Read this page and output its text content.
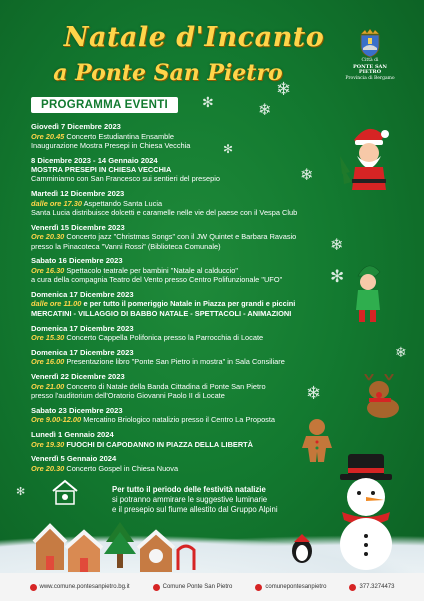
✻	❄
❄
❄
❄
✻
❄
❄
✻
✻
Natale d'Incanto
a Ponte San Pietro	Città di
PONTE SAN PIETRO
Provincia di Bergamo
PROGRAMMA EVENTI
Giovedì 7 Dicembre 2023
Ore 20.45 Concerto Estudiantina Ensamble
Inaugurazione Mostra Presepi in Chiesa Vecchia
8 Dicembre 2023 - 14 Gennaio 2024
MOSTRA PRESEPI IN CHIESA VECCHIA
Camminiamo con San Francesco sui sentieri del presepio
Martedì 12 Dicembre 2023
dalle ore 17.30 Aspettando Santa Lucia
Santa Lucia distribuisce dolcetti e caramelle nelle vie del paese con il Vespa Club
Venerdì 15 Dicembre 2023
Ore 20.30 Concerto jazz "Christmas Songs" con il JW Quintet e Barbara Ravasio
presso la Pinacoteca "Vanni Rossi" (Biblioteca Comunale)
Sabato 16 Dicembre 2023
Ore 16.30 Spettacolo teatrale per bambini "Natale al calduccio"
a cura della compagnia Teatro del Vento presso Centro Polifunzionale "UFO"
Domenica 17 Dicembre 2023
dalle ore 11.00 e per tutto il pomeriggio Natale in Piazza per grandi e piccini
MERCATINI - VILLAGGIO DI BABBO NATALE - SPETTACOLI - ANIMAZIONI
Domenica 17 Dicembre 2023
Ore 15.30 Concerto Cappella Polifonica presso la Parrocchia di Locate
Domenica 17 Dicembre 2023
Ore 16.00 Presentazione libro "Ponte San Pietro in mostra" in Sala Consiliare
Venerdì 22 Dicembre 2023
Ore 21.00 Concerto di Natale della Banda Cittadina di Ponte San Pietro
presso l'auditorium dell'Oratorio Giovanni Paolo II di Locate
Sabato 23 Dicembre 2023
Ore 9.00-12.00 Mercatino Briologico natalizio presso il Centro La Proposta
Lunedì 1 Gennaio 2024
Ore 19.30 FUOCHI DI CAPODANNO IN PIAZZA DELLA LIBERTÀ
Venerdì 5 Gennaio 2024
Ore 20.30 Concerto Gospel in Chiesa Nuova
Per tutto il periodo delle festività natalizie
si potranno ammirare le suggestive luminarie
e il presepio sul fiume allestito dal Gruppo Alpini
www.comune.pontesanpietro.bg.it	Comune Ponte San Pietro	comunepontesanpietro	377.3274473
